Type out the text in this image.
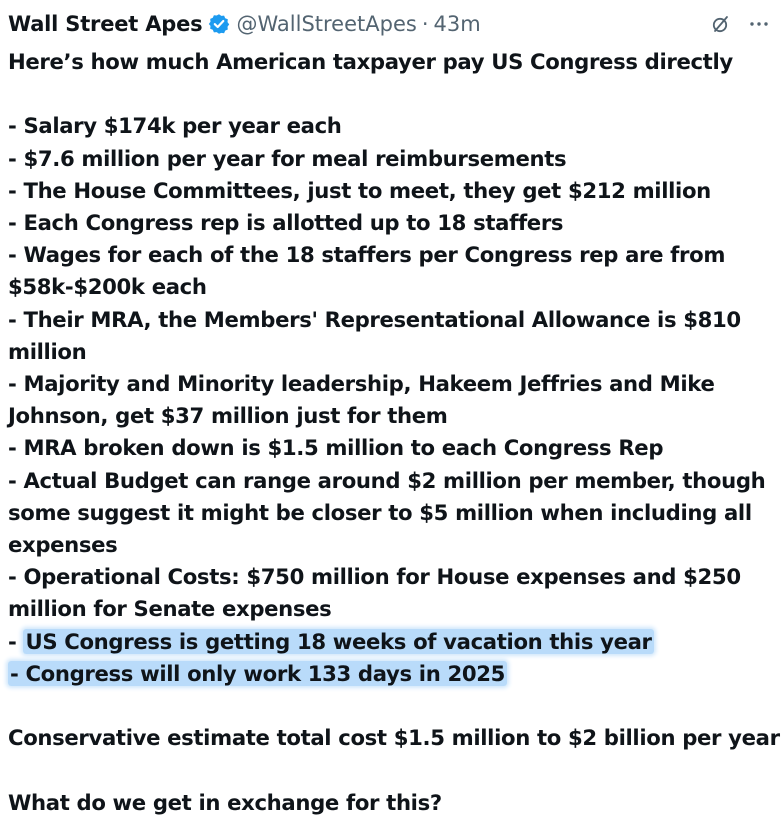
Wall Street Apes @WallStreetApes · 43m
Here’s how much American taxpayer pay US Congress directly
- Salary $174k per year each
- $7.6 million per year for meal reimbursements
- The House Committees, just to meet, they get $212 million
- Each Congress rep is allotted up to 18 staffers
- Wages for each of the 18 staffers per Congress rep are from
$58k-$200k each
- Their MRA, the Members' Representational Allowance is $810
million
- Majority and Minority leadership, Hakeem Jeffries and Mike
Johnson, get $37 million just for them
- MRA broken down is $1.5 million to each Congress Rep
- Actual Budget can range around $2 million per member, though
some suggest it might be closer to $5 million when including all
expenses
- Operational Costs: $750 million for House expenses and $250
million for Senate expenses
- US Congress is getting 18 weeks of vacation this year
- Congress will only work 133 days in 2025
Conservative estimate total cost $1.5 million to $2 billion per year
What do we get in exchange for this?
